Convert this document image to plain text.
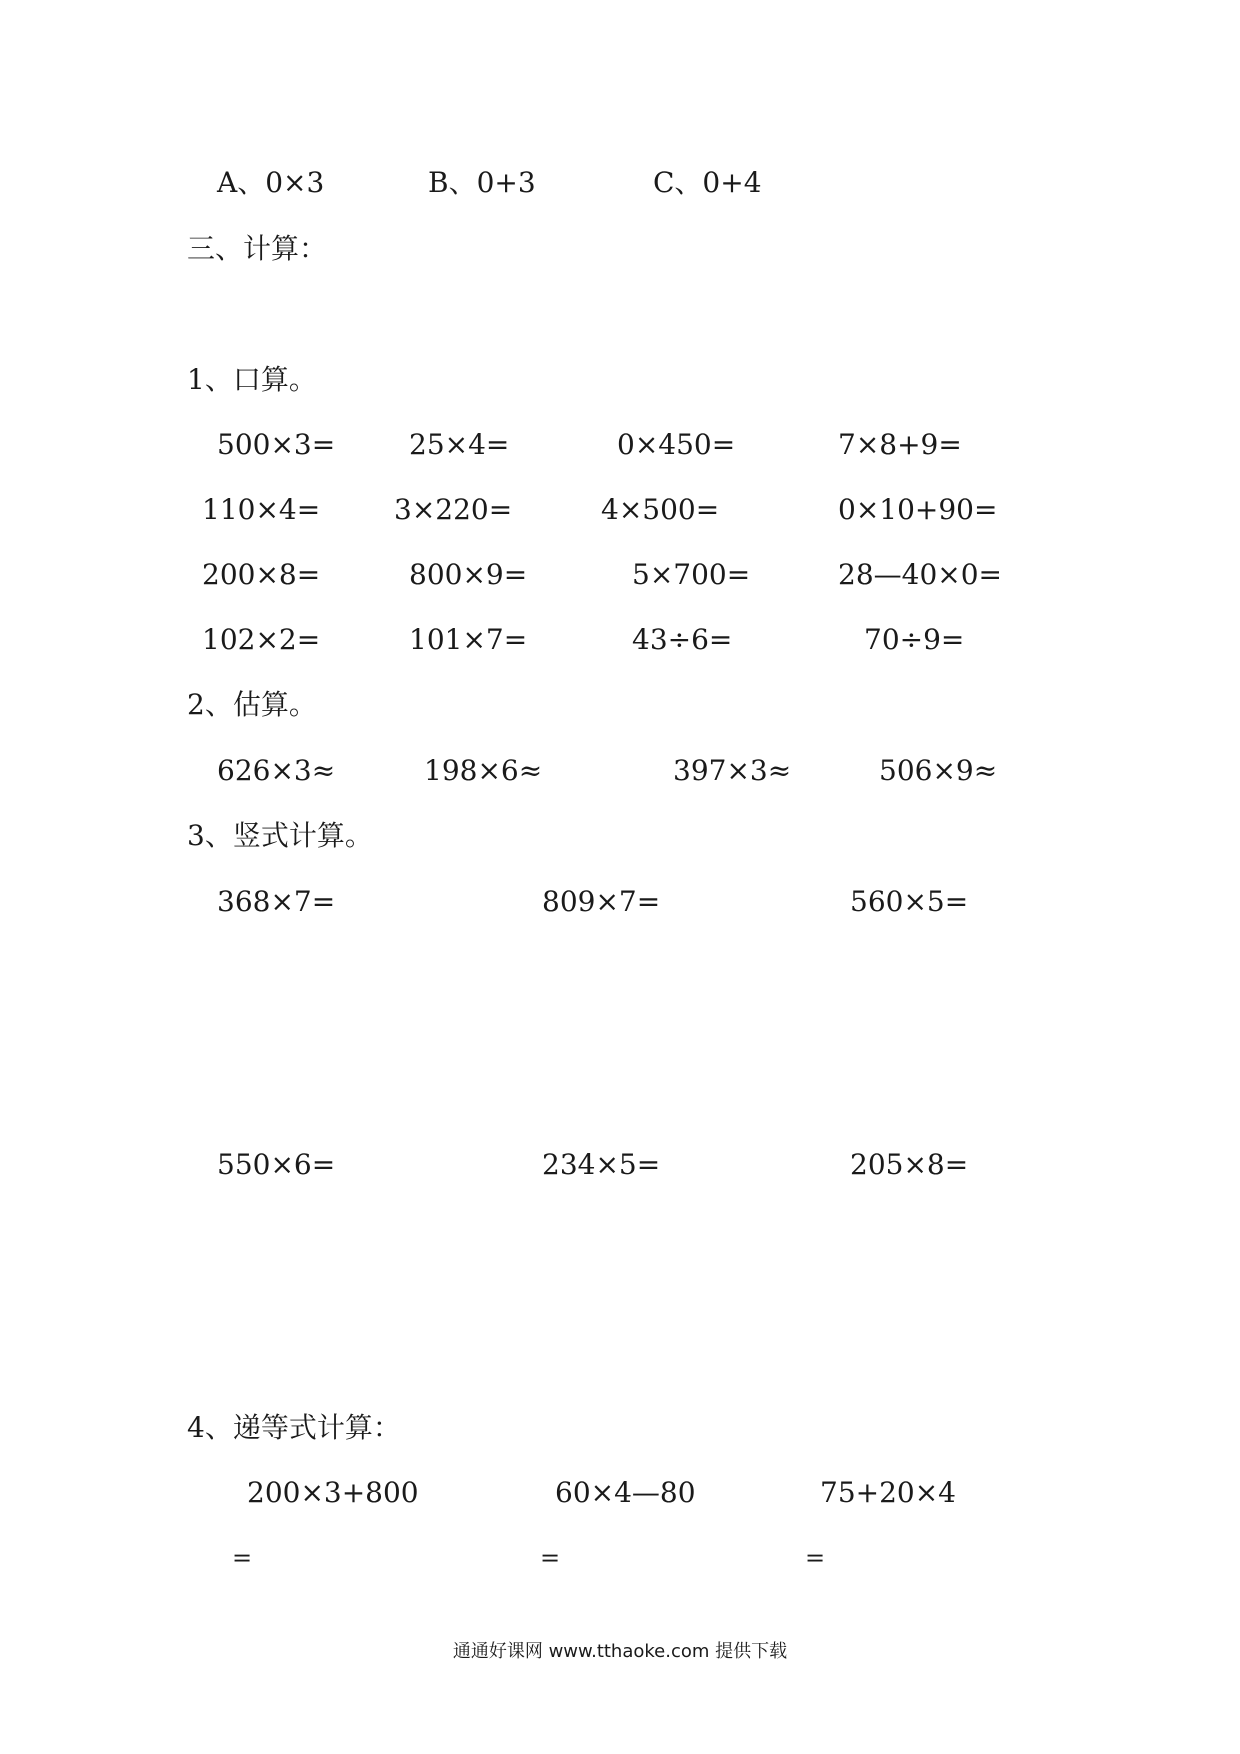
A、0×3	B、0+3	C、0+4
三、计算：
1、口算。
500×3=	25×4=	0×450=	7×8+9=
110×4=	3×220=	4×500=	0×10+90=
200×8=	800×9=	5×700=	28—40×0=
102×2=	101×7=	43÷6=	70÷9=
2、估算。
626×3≈	198×6≈	397×3≈	506×9≈
3、竖式计算。
368×7=	809×7=	560×5=
550×6=	234×5=	205×8=
4、递等式计算：
200×3+800	60×4—80	75+20×4
=	=	=
通通好课网 www.tthaoke.com 提供下载
